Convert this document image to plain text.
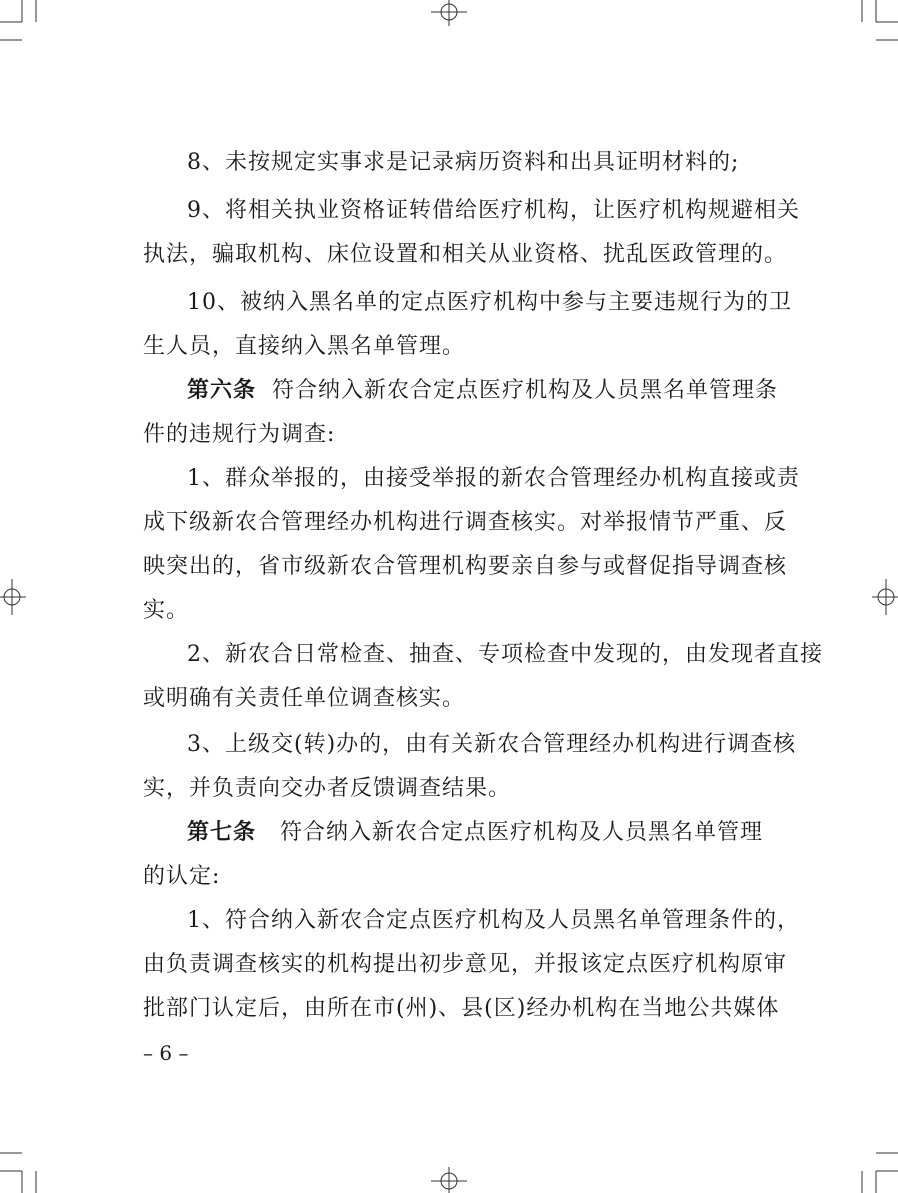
8、未按规定实事求是记录病历资料和出具证明材料的;
9、将相关执业资格证转借给医疗机构，让医疗机构规避相关
执法，骗取机构、床位设置和相关从业资格、扰乱医政管理的。
10、被纳入黑名单的定点医疗机构中参与主要违规行为的卫
生人员，直接纳入黑名单管理。
第六条  符合纳入新农合定点医疗机构及人员黑名单管理条
件的违规行为调查:
1、群众举报的，由接受举报的新农合管理经办机构直接或责
成下级新农合管理经办机构进行调查核实。对举报情节严重、反
映突出的，省市级新农合管理机构要亲自参与或督促指导调查核
实。
2、新农合日常检查、抽查、专项检查中发现的，由发现者直接
或明确有关责任单位调查核实。
3、上级交(转)办的，由有关新农合管理经办机构进行调查核
实，并负责向交办者反馈调查结果。
第七条   符合纳入新农合定点医疗机构及人员黑名单管理
的认定:
1、符合纳入新农合定点医疗机构及人员黑名单管理条件的，
由负责调查核实的机构提出初步意见，并报该定点医疗机构原审
批部门认定后，由所在市(州)、县(区)经办机构在当地公共媒体
– 6 –
